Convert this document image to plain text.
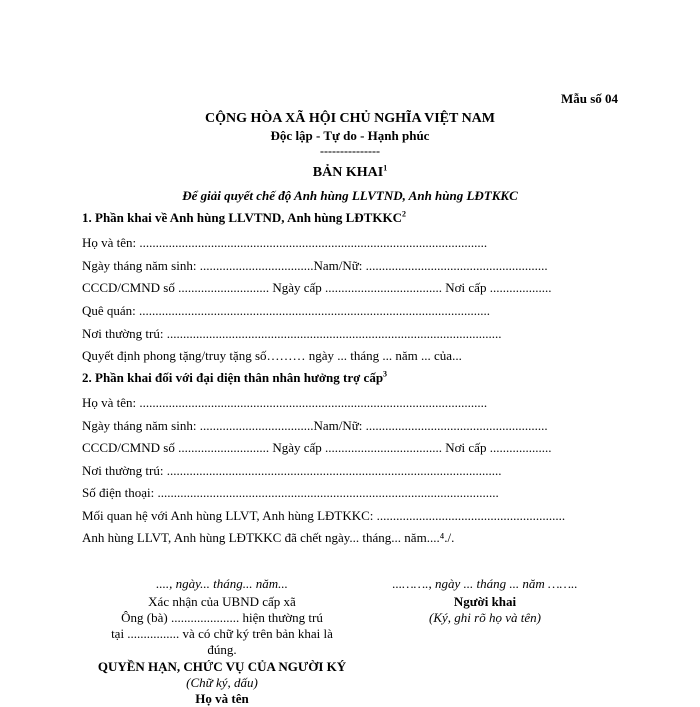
Mẫu số 04
CỘNG HÒA XÃ HỘI CHỦ NGHĨA VIỆT NAM
Độc lập - Tự do - Hạnh phúc
---------------
BẢN KHAI$^1$
Để giải quyết chế độ Anh hùng LLVTND, Anh hùng LĐTKKC
1. Phần khai về Anh hùng LLVTND, Anh hùng LĐTKKC$^2$
Họ và tên: ...........................................................................................................
Ngày tháng năm sinh: ...................................Nam/Nữ: ........................................................
CCCD/CMND số ............................ Ngày cấp .................................... Nơi cấp ...................
Quê quán: ............................................................................................................
Nơi thường trú: .......................................................................................................
Quyết định phong tặng/truy tặng số……… ngày ... tháng ... năm ... của...
2. Phần khai đối với đại diện thân nhân hưởng trợ cấp$^3$
Họ và tên: ...........................................................................................................
Ngày tháng năm sinh: ...................................Nam/Nữ: ........................................................
CCCD/CMND số ............................ Ngày cấp .................................... Nơi cấp ...................
Nơi thường trú: .......................................................................................................
Số điện thoại: .........................................................................................................
Mối quan hệ với Anh hùng LLVT, Anh hùng LĐTKKC: ..........................................................
Anh hùng LLVT, Anh hùng LĐTKKC đã chết ngày... tháng... năm....⁴./.
...., ngày... tháng... năm...
Xác nhận của UBND cấp xã
Ông (bà) ..................... hiện thường trú
tại ................ và có chữ ký trên bản khai là
đúng.
QUYỀN HẠN, CHỨC VỤ CỦA NGƯỜI KÝ
(Chữ ký, dấu)
Họ và tên
...……., ngày ... tháng ... năm ……..
Người khai
(Ký, ghi rõ họ và tên)
